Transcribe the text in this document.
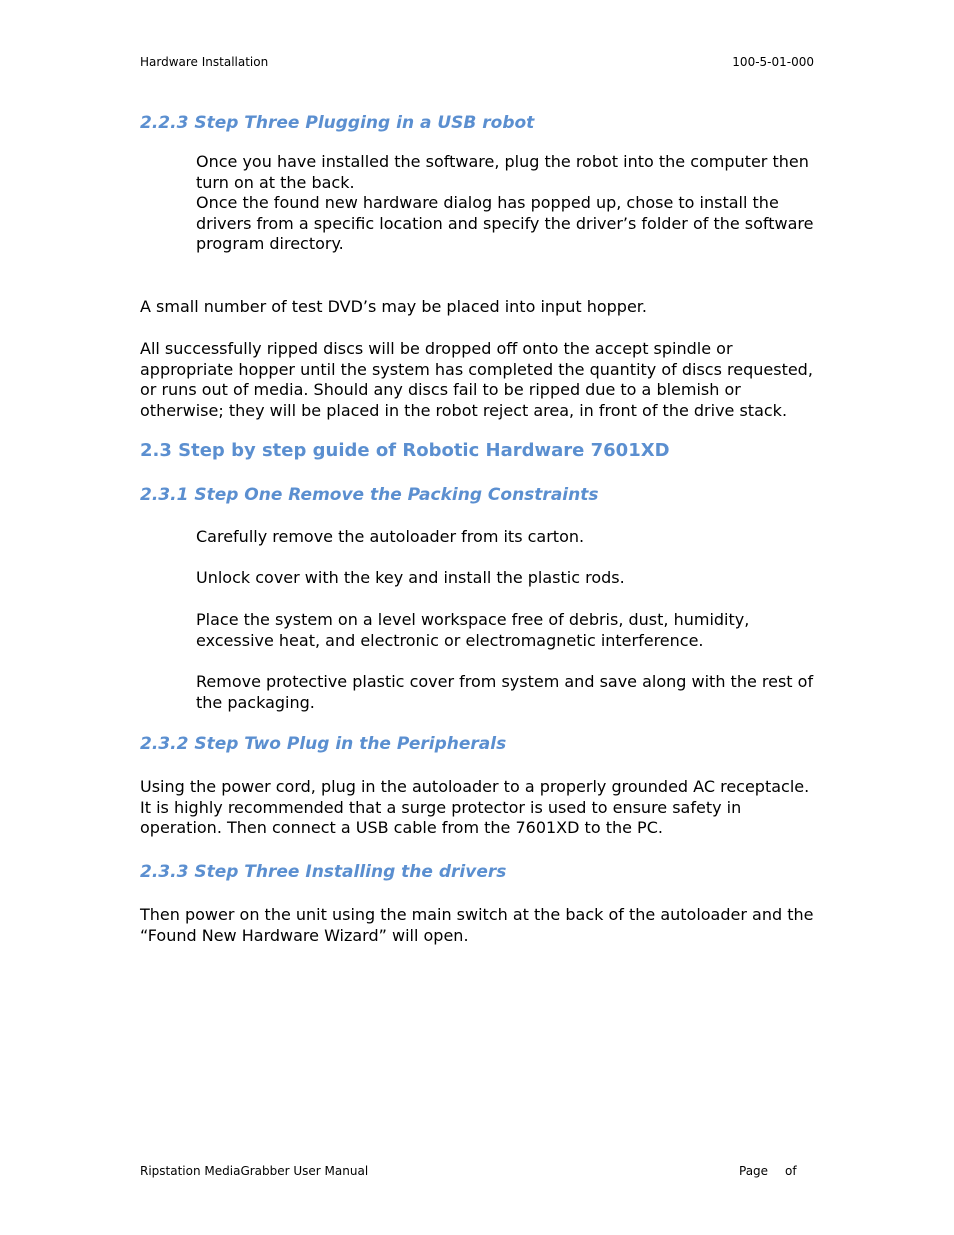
Hardware Installation	100-5-01-000
2.2.3 Step Three Plugging in a USB robot

Once you have installed the software, plug the robot into the computer then turn on at the back.

Once the found new hardware dialog has popped up, chose to install the drivers from a specific location and specify the driver’s folder of the software program directory.

A small number of test DVD’s may be placed into input hopper.

All successfully ripped discs will be dropped off onto the accept spindle or appropriate hopper until the system has completed the quantity of discs requested, or runs out of media. Should any discs fail to be ripped due to a blemish or otherwise; they will be placed in the robot reject area, in front of the drive stack.

2.3 Step by step guide of Robotic Hardware 7601XD
2.3.1 Step One Remove the Packing Constraints

Carefully remove the autoloader from its carton.

Unlock cover with the key and install the plastic rods.

Place the system on a level workspace free of debris, dust, humidity, excessive heat, and electronic or electromagnetic interference.

Remove protective plastic cover from system and save along with the rest of the packaging.

2.3.2 Step Two Plug in the Peripherals

Using the power cord, plug in the autoloader to a properly grounded AC receptacle. It is highly recommended that a surge protector is used to ensure safety in operation. Then connect a USB cable from the 7601XD to the PC.

2.3.3 Step Three Installing the drivers

Then power on the unit using the main switch at the back of the autoloader and the “Found New Hardware Wizard” will open.

Ripstation MediaGrabber User Manual	Page of
